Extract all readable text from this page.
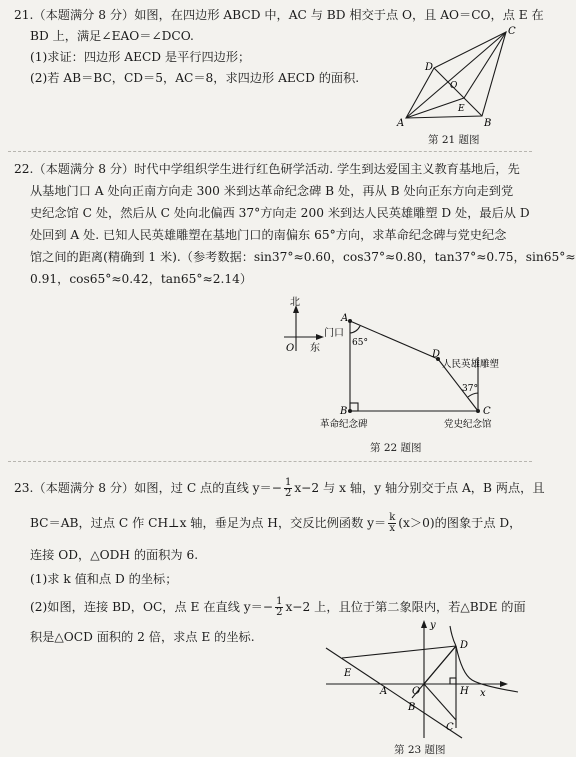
21.（本题满分 8 分）如图，在四边形 ABCD 中，AC 与 BD 相交于点 O，且 AO＝CO，点 E 在
BD 上，满足∠EAO＝∠DCO.
(1)求证：四边形 AECD 是平行四边形；
(2)若 AB＝BC，CD＝5，AC＝8，求四边形 AECD 的面积.
A	B
C
D
O
E
第 21 题图
22.（本题满分 8 分）时代中学组织学生进行红色研学活动. 学生到达爱国主义教育基地后，先
从基地门口 A 处向正南方向走 300 米到达革命纪念碑 B 处，再从 B 处向正东方向走到党
史纪念馆 C 处，然后从 C 处向北偏西 37°方向走 200 米到达人民英雄雕塑 D 处，最后从 D
处回到 A 处. 已知人民英雄雕塑在基地门口的南偏东 65°方向，求革命纪念碑与党史纪念
馆之间的距离(精确到 1 米).（参考数据：sin37°≈0.60，cos37°≈0.80，tan37°≈0.75，sin65°≈
0.91，cos65°≈0.42，tan65°≈2.14）
北
东
O
A
门口
65°
D
人民英雄雕塑
37°
B
革命纪念碑
C
党史纪念馆
第 22 题图
23.（本题满分 8 分）如图，过 C 点的直线 $y=- \frac{1}{2} x-2$ 与 x 轴，y 轴分别交于点 A，B 两点，且
BC＝AB，过点 C 作 CH⊥x 轴，垂足为点 H，交反比例函数 $y= \frac{k}{x} (x>0)$的图象于点 D，
连接 OD，△ODH 的面积为 6.
(1)求 k 值和点 D 的坐标；
(2)如图，连接 BD，OC，点 E 在直线 $y=- \frac{1}{2} x-2$ 上，且位于第二象限内，若△BDE 的面
积是△OCD 面积的 2 倍，求点 E 的坐标.
y
x
D
E
A O	H
B
C
第 23 题图
